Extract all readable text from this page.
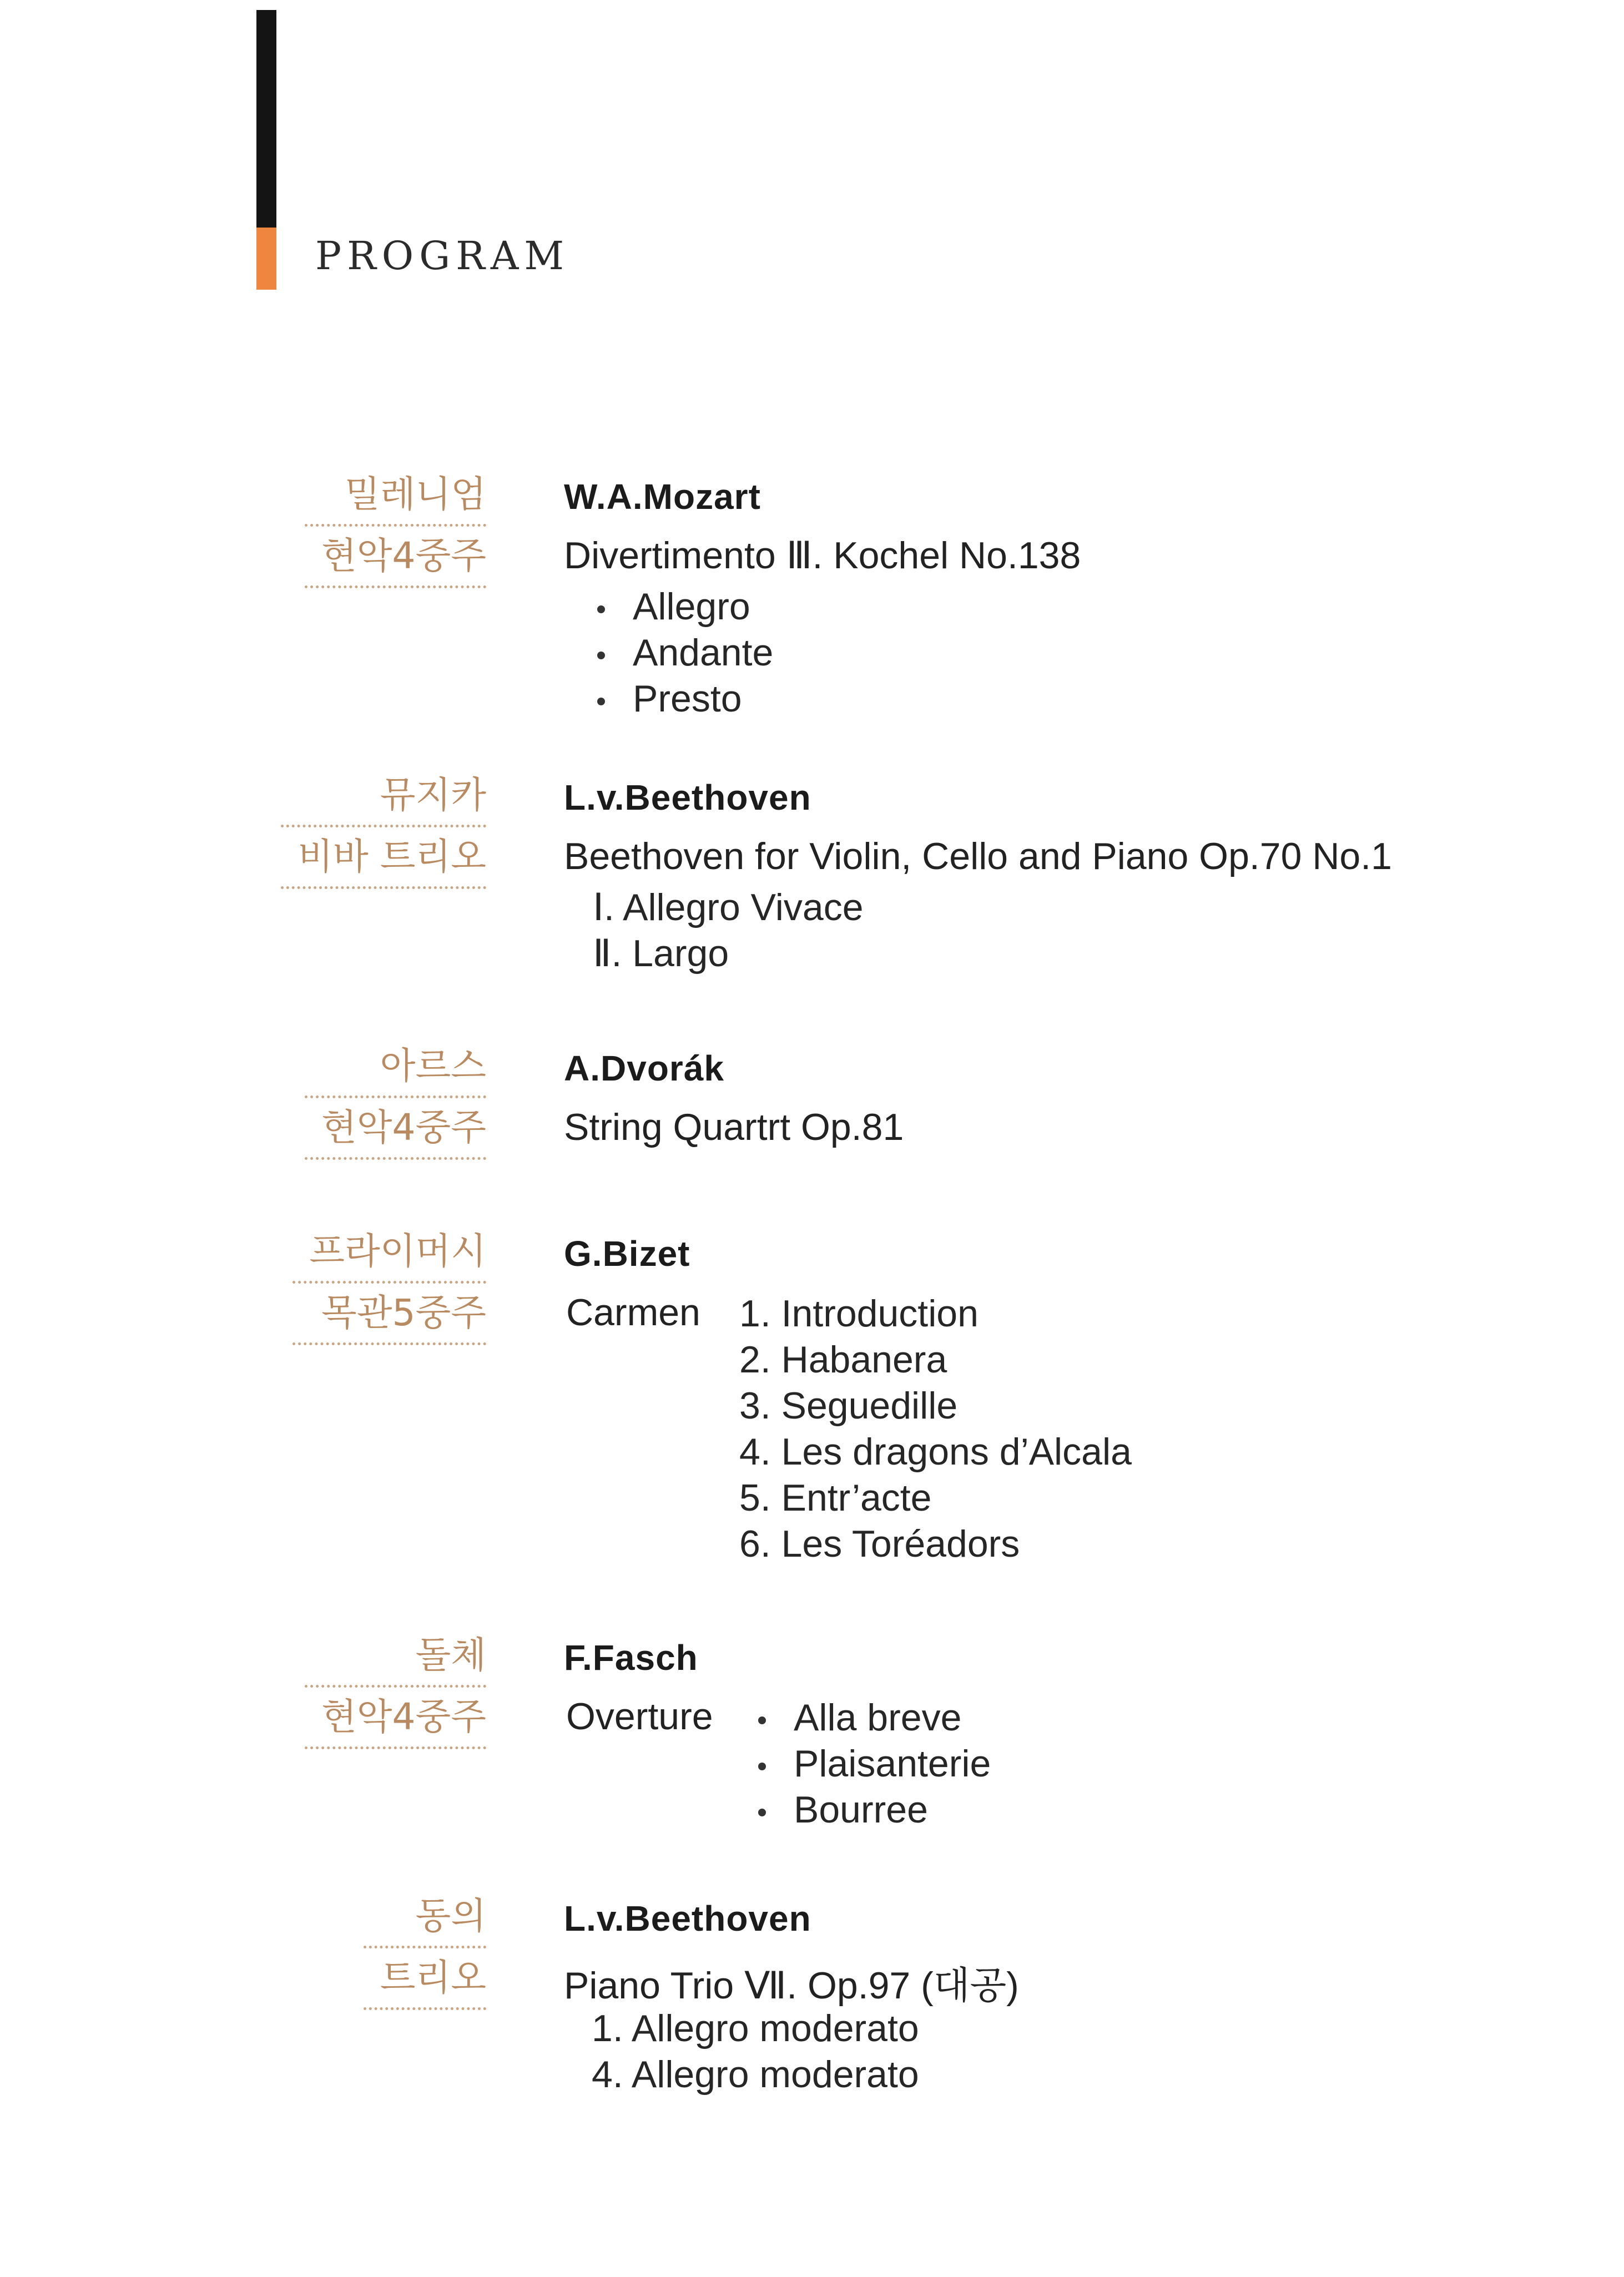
PROGRAM
밀레니엄
현악4중주
W.A.Mozart
Divertimento Ⅲ. Kochel No.138
Allegro
Andante
Presto
뮤지카
비바 트리오
L.v.Beethoven
Beethoven for Violin, Cello and Piano Op.70 No.1
Ⅰ. Allegro Vivace
Ⅱ. Largo
아르스
현악4중주
A.Dvorák
String Quartrt Op.81
프라이머시
목관5중주
G.Bizet
Carmen 1. Introduction
2. Habanera
3. Seguedille
4. Les dragons d’Alcala
5. Entr’acte
6. Les Toréadors
돌체
현악4중주
F.Fasch
Overture	Alla breve
Plaisanterie
Bourree
동의
트리오
L.v.Beethoven
Piano Trio Ⅶ. Op.97 (대공)
1. Allegro moderato
4. Allegro moderato
